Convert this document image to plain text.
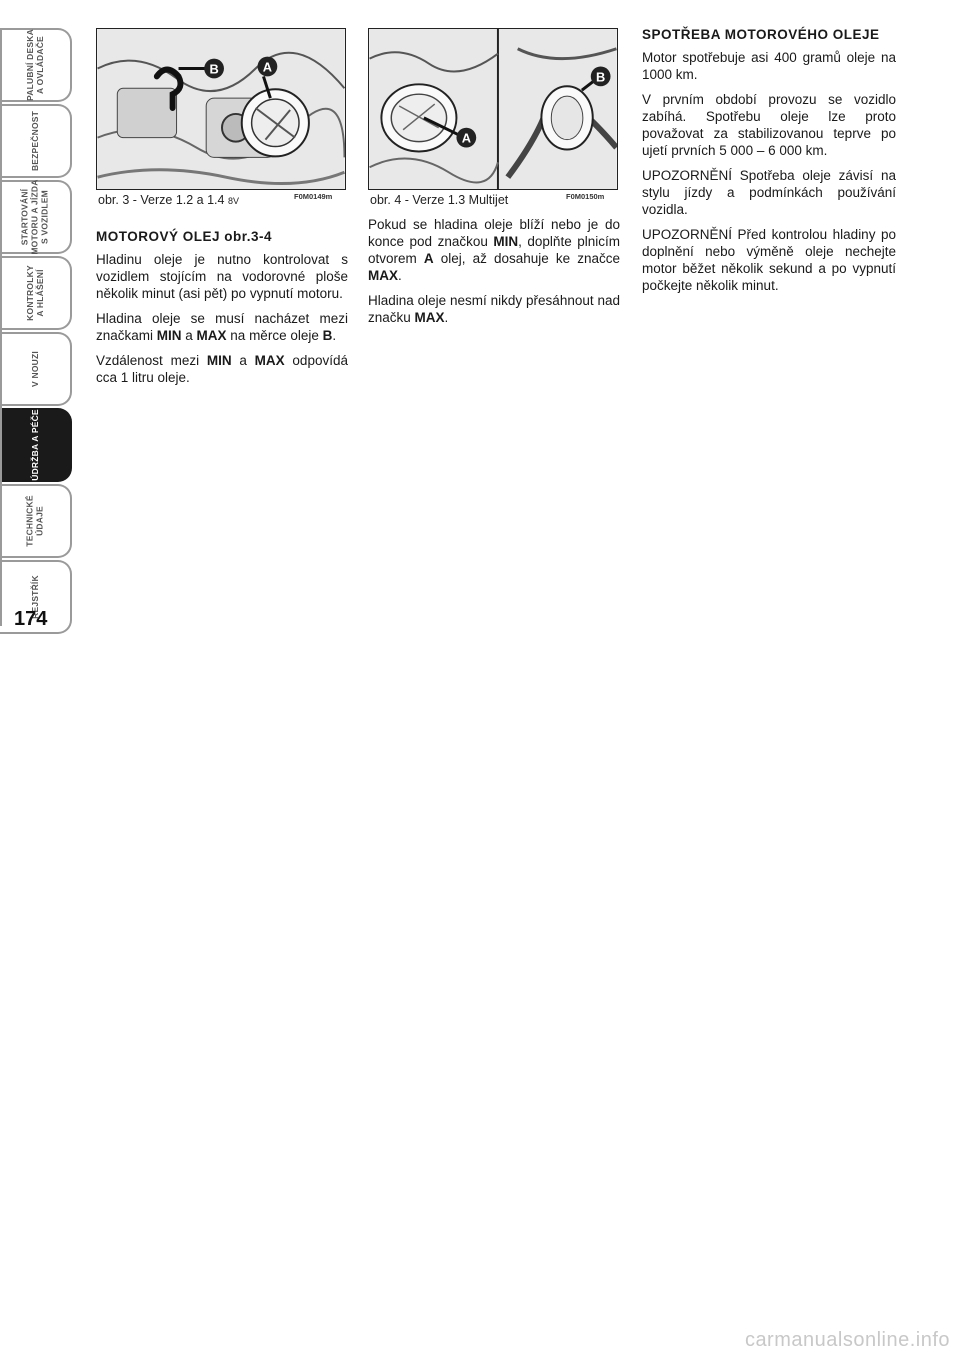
PALUBNÍ DESKA
A OVLÁDAČE
BEZPEČNOST
STARTOVÁNÍ
MOTORU A JÍZDA
S VOZIDLEM
KONTROLKY
A HLÁŠENÍ
V NOUZI
ÚDRŽBA A PÉČE
TECHNICKÉ
ÚDAJE
REJSTŘÍK
174
B	A
obr. 3 - Verze 1.2 a 1.4 8V	F0M0149m
A
B
obr. 4 - Verze 1.3 Multijet	F0M0150m
MOTOROVÝ OLEJ obr.3-4

Hladinu oleje je nutno kontrolovat s vozidlem stojícím na vodorovné ploše několik minut (asi pět) po vypnutí motoru.

Hladina oleje se musí nacházet mezi značkami MIN a MAX na měrce oleje B.

Vzdálenost mezi MIN a MAX odpovídá cca 1 litru oleje.

Pokud se hladina oleje blíží nebo je do konce pod značkou MIN, doplňte plnicím otvorem A olej, až dosahuje ke značce MAX.

Hladina oleje nesmí nikdy přesáhnout nad značku MAX.

SPOTŘEBA MOTOROVÉHO OLEJE

Motor spotřebuje asi 400 gramů oleje na 1000 km.

V prvním období provozu se vozidlo zabíhá. Spotřebu oleje lze proto považovat za stabilizovanou teprve po ujetí prvních 5 000 – 6 000 km.

UPOZORNĚNÍ Spotřeba oleje závisí na stylu jízdy a podmínkách používání vozidla.

UPOZORNĚNÍ Před kontrolou hladiny po doplnění nebo výměně oleje nechejte motor běžet několik sekund a po vypnutí počkejte několik minut.

carmanualsonline.info
